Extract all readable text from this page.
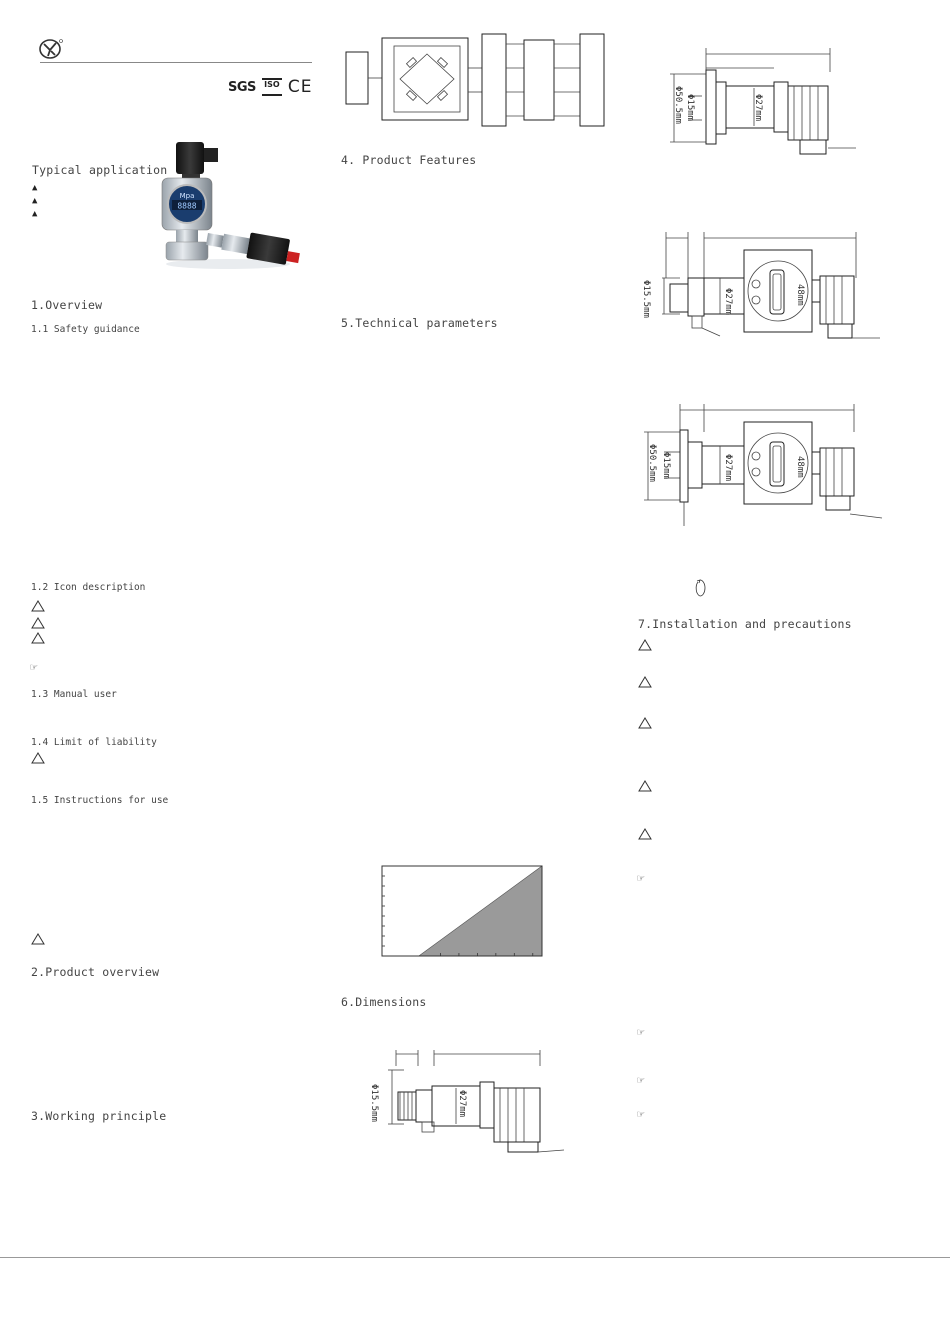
SGS ISO CE
Mpa
8888
Typical application
▲
▲
▲
1.Overview
1.1 Safety guidance
1.2 Icon description
☞
1.3 Manual user
1.4 Limit of liability
1.5 Instructions for use
2.Product overview
3.Working principle
4. Product Features
5.Technical parameters
6.Dimensions
Φ15.5mm	Φ27mm
Φ50.5mm Φ15mm	Φ27mm
Φ15.5mm	Φ27mm	48mm
Φ50.5mm Φ15mm	Φ27mm	48mm
7.Installation and precautions
☞
☞
☞
☞
